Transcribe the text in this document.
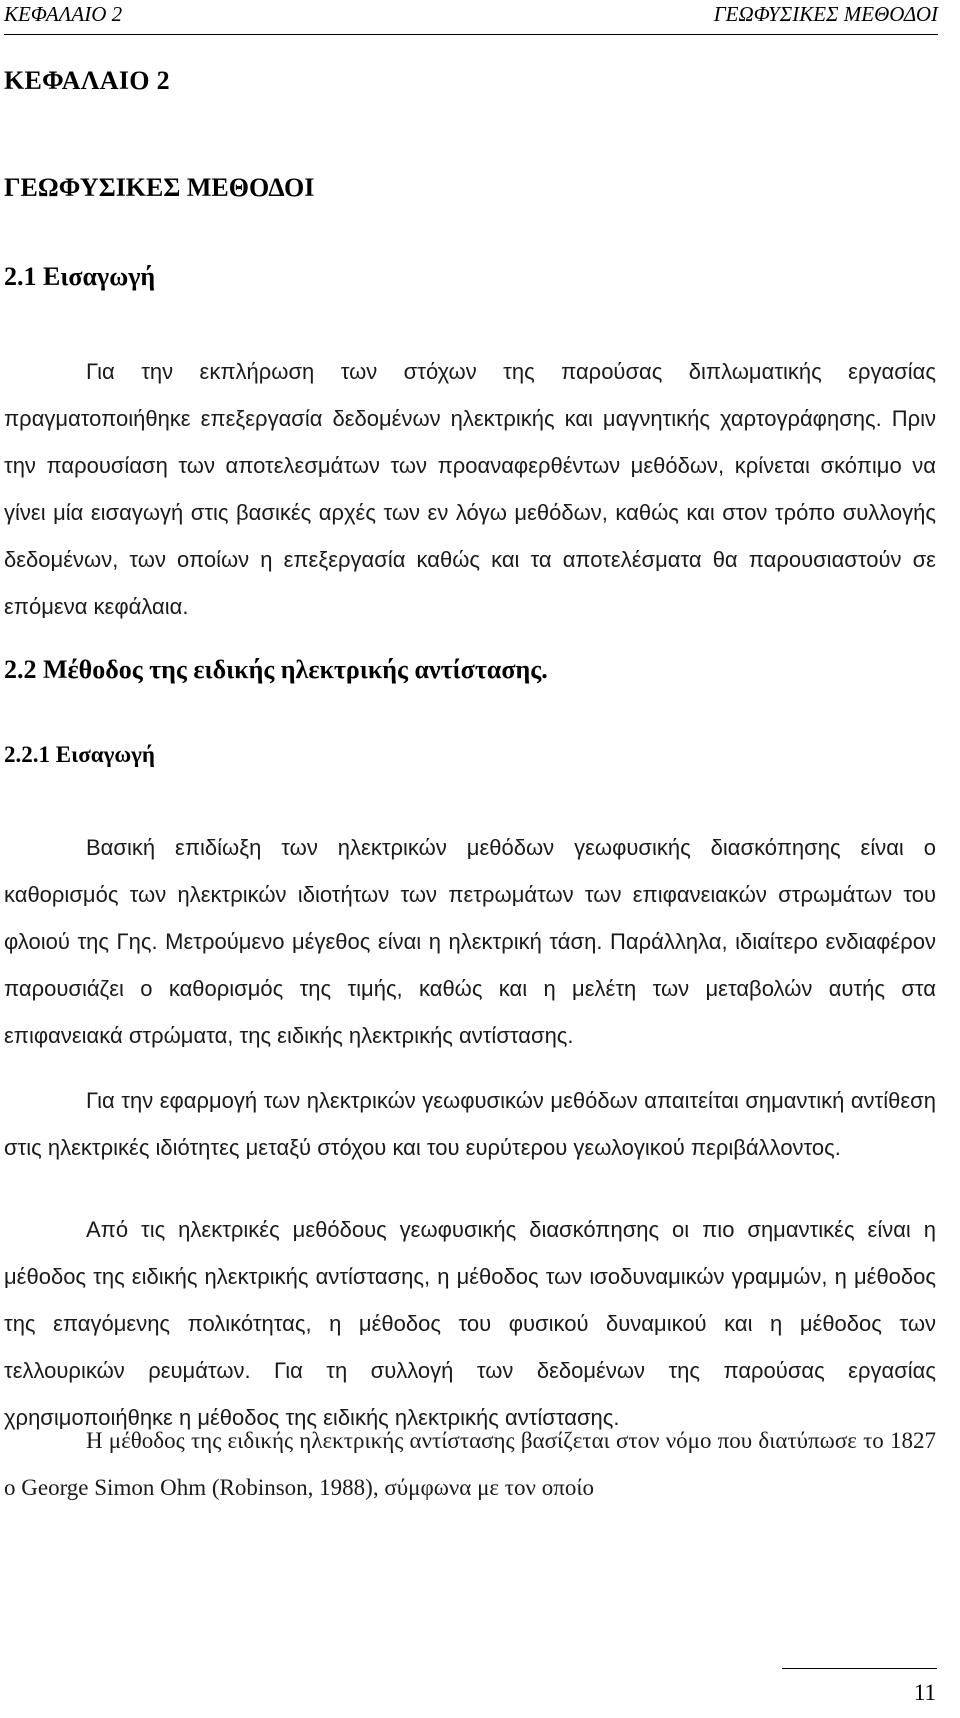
ΚΕΦΑΛΑΙΟ 2	ΓΕΩΦΥΣΙΚΕΣ ΜΕΘΟΔΟΙ
ΚΕΦΑΛΑΙΟ 2
ΓΕΩΦΥΣΙΚΕΣ ΜΕΘΟΔΟΙ
2.1 Εισαγωγή
Για την εκπλήρωση των στόχων της παρούσας διπλωματικής εργασίας πραγματοποιήθηκε επεξεργασία δεδομένων ηλεκτρικής και μαγνητικής χαρτογράφησης. Πριν την παρουσίαση των αποτελεσμάτων των προαναφερθέντων μεθόδων, κρίνεται σκόπιμο να γίνει μία εισαγωγή στις βασικές αρχές των εν λόγω μεθόδων, καθώς και στον τρόπο συλλογής δεδομένων, των οποίων η επεξεργασία καθώς και τα αποτελέσματα θα παρουσιαστούν σε επόμενα κεφάλαια.
2.2 Μέθοδος της ειδικής ηλεκτρικής αντίστασης.
2.2.1 Εισαγωγή
Βασική επιδίωξη των ηλεκτρικών μεθόδων γεωφυσικής διασκόπησης είναι ο καθορισμός των ηλεκτρικών ιδιοτήτων των πετρωμάτων των επιφανειακών στρωμάτων του φλοιού της Γης. Μετρούμενο μέγεθος είναι η ηλεκτρική τάση. Παράλληλα, ιδιαίτερο ενδιαφέρον παρουσιάζει ο καθορισμός της τιμής, καθώς και η μελέτη των μεταβολών αυτής στα επιφανειακά στρώματα, της ειδικής ηλεκτρικής αντίστασης.
Για την εφαρμογή των ηλεκτρικών γεωφυσικών μεθόδων απαιτείται σημαντική αντίθεση στις ηλεκτρικές ιδιότητες μεταξύ στόχου και του ευρύτερου γεωλογικού περιβάλλοντος.
Από τις ηλεκτρικές μεθόδους γεωφυσικής διασκόπησης οι πιο σημαντικές είναι η μέθοδος της ειδικής ηλεκτρικής αντίστασης, η μέθοδος των ισοδυναμικών γραμμών, η μέθοδος της επαγόμενης πολικότητας, η μέθοδος του φυσικού δυναμικού και η μέθοδος των τελλουρικών ρευμάτων. Για τη συλλογή των δεδομένων της παρούσας εργασίας χρησιμοποιήθηκε η μέθοδος της ειδικής ηλεκτρικής αντίστασης.
Η μέθοδος της ειδικής ηλεκτρικής αντίστασης βασίζεται στον νόμο που διατύπωσε το 1827 ο George Simon Ohm (Robinson, 1988), σύμφωνα με τον οποίο
11
